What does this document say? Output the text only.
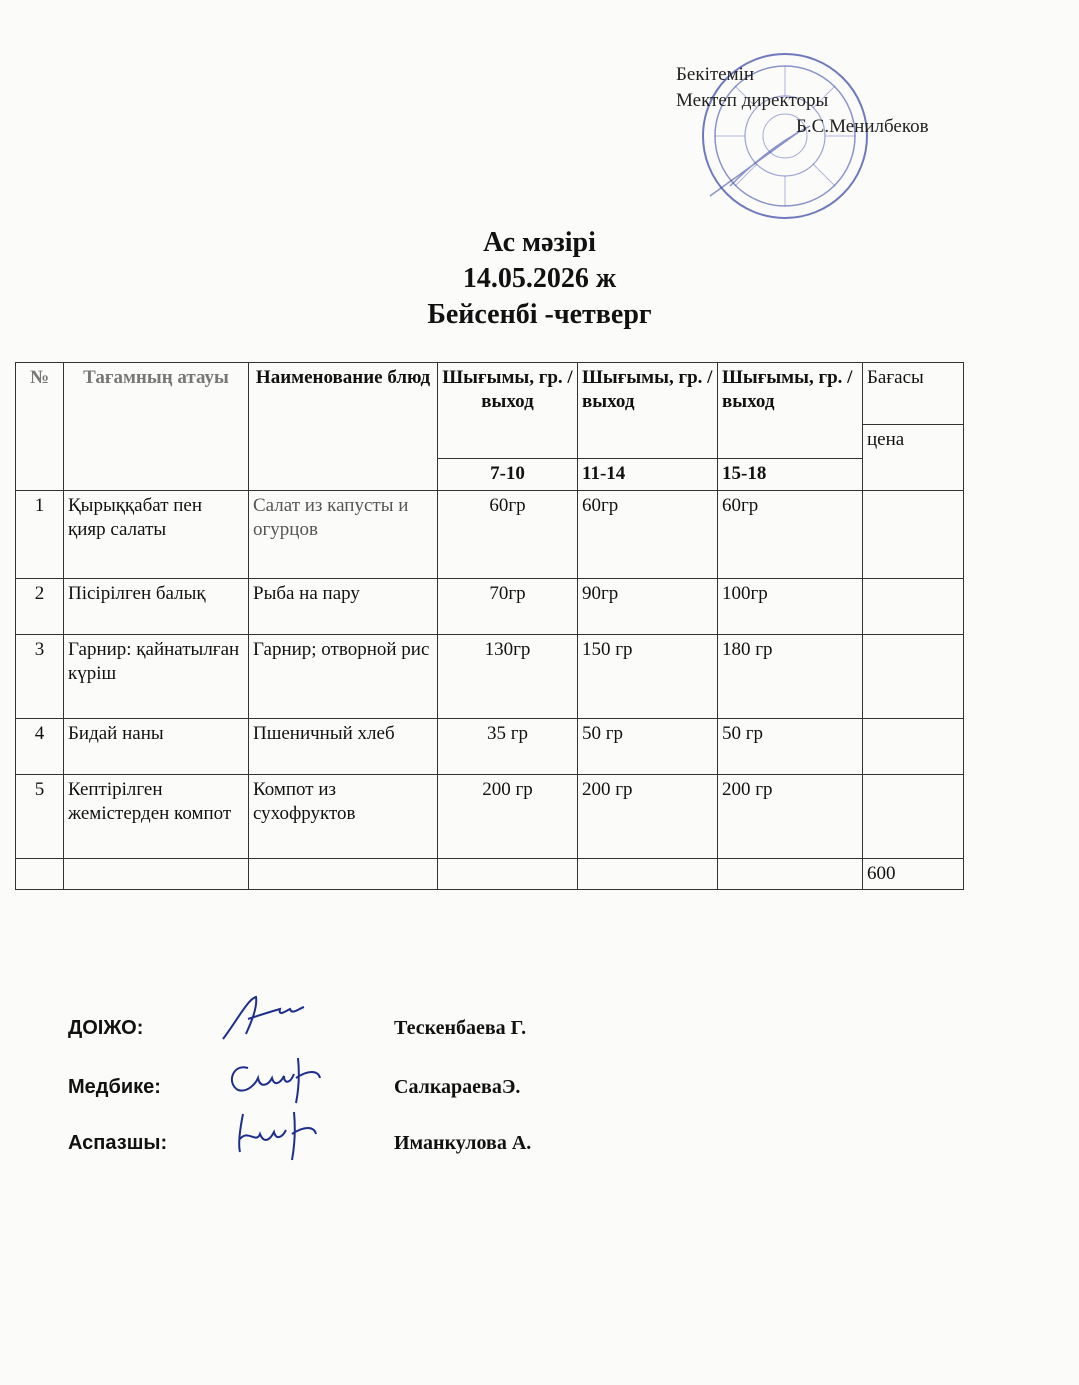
Бекітемін
Мектеп директоры
Б.С.Менилбеков
Ас мәзірі
14.05.2026 ж
Бейсенбі -четверг
№	Тағамның атауы	Наименование блюд	Шығымы, гр. / выход	Шығымы, гр. / выход	Шығымы, гр. / выход	Бағасы
						цена
			7-10	11-14	15-18	
1	Қырыққабат пен қияр салаты	Салат из капусты и огурцов	60гр	60гр	60гр	
2	Пісірілген балық	Рыба на пару	70гр	90гр	100гр	
3	Гарнир: қайнатылған күріш	Гарнир; отворной рис	130гр	150 гр	180 гр	
4	Бидай наны	Пшеничный хлеб	35 гр	50 гр	50 гр	
5	Кептірілген жемістерден компот	Компот из сухофруктов	200 гр	200 гр	200 гр	
						600
ДОІЖО:	Тескенбаева Г.
Медбике:	СалкараеваЭ.
Аспазшы:	Иманкулова А.
